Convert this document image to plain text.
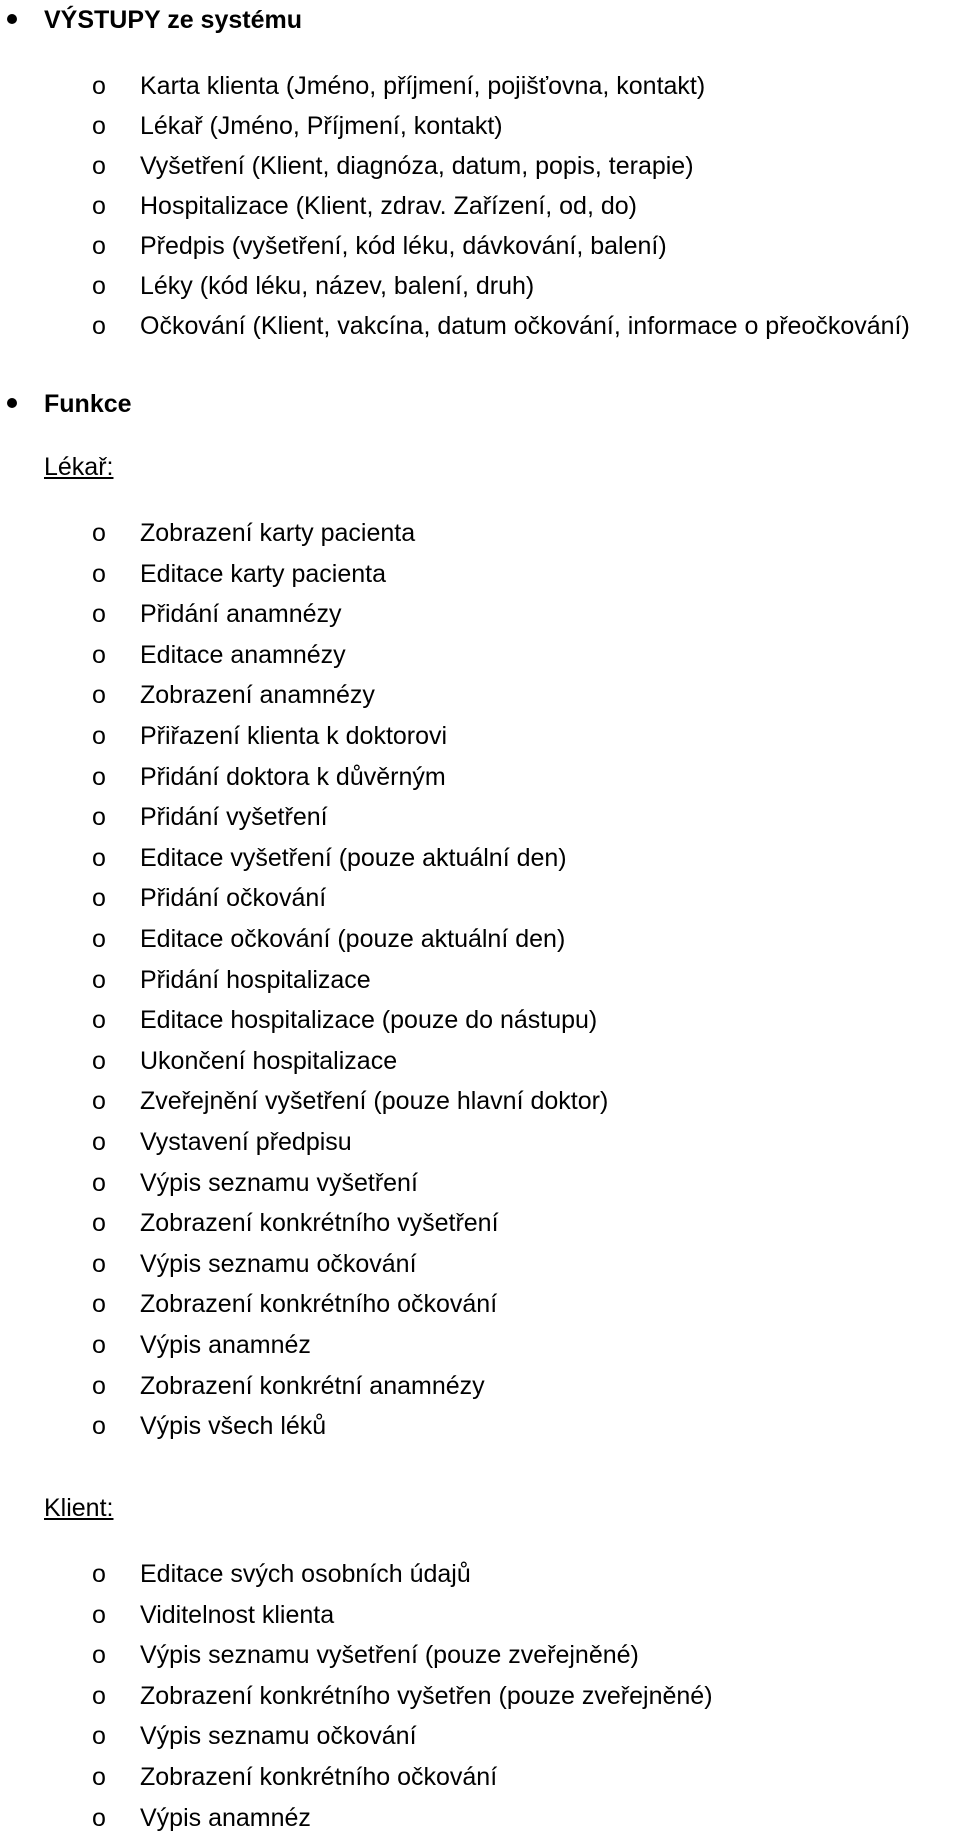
VÝSTUPY ze systému
o Karta klienta (Jméno, příjmení, pojišťovna, kontakt)
o Lékař (Jméno, Příjmení, kontakt)
o Vyšetření (Klient, diagnóza, datum, popis, terapie)
o Hospitalizace (Klient, zdrav. Zařízení, od, do)
o Předpis (vyšetření, kód léku, dávkování, balení)
o Léky (kód léku, název, balení, druh)
o Očkování (Klient, vakcína, datum očkování, informace o přeočkování)
Funkce
Lékař:
o Zobrazení karty pacienta
o Editace karty pacienta
o Přidání anamnézy
o Editace anamnézy
o Zobrazení anamnézy
o Přiřazení klienta k doktorovi
o Přidání doktora k důvěrným
o Přidání vyšetření
o Editace vyšetření (pouze aktuální den)
o Přidání očkování
o Editace očkování (pouze aktuální den)
o Přidání hospitalizace
o Editace hospitalizace (pouze do nástupu)
o Ukončení hospitalizace
o Zveřejnění vyšetření (pouze hlavní doktor)
o Vystavení předpisu
o Výpis seznamu vyšetření
o Zobrazení konkrétního vyšetření
o Výpis seznamu očkování
o Zobrazení konkrétního očkování
o Výpis anamnéz
o Zobrazení konkrétní anamnézy
o Výpis všech léků
Klient:
o Editace svých osobních údajů
o Viditelnost klienta
o Výpis seznamu vyšetření (pouze zveřejněné)
o Zobrazení konkrétního vyšetřen (pouze zveřejněné)
o Výpis seznamu očkování
o Zobrazení konkrétního očkování
o Výpis anamnéz
